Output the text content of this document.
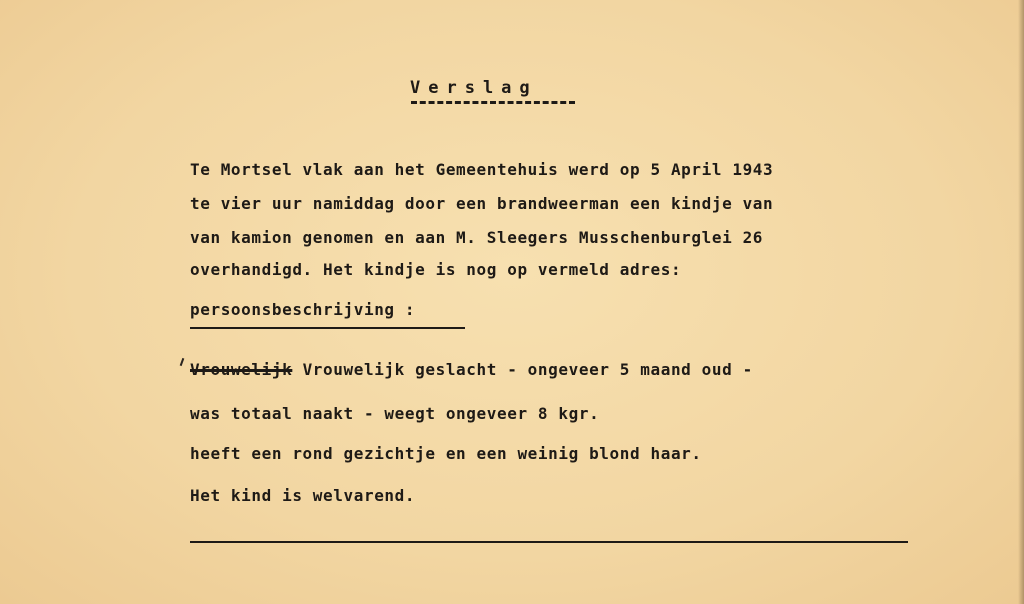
Verslag
Te Mortsel vlak aan het Gemeentehuis werd op 5 April 1943
te vier uur namiddag door een brandweerman een kindje van
van kamion genomen en aan M. Sleegers Musschenburglei 26
overhandigd. Het kindje is nog op vermeld adres:
persoonsbeschrijving :
Vrouwelijk Vrouwelijk geslacht - ongeveer 5 maand oud -
was totaal naakt - weegt ongeveer 8 kgr.
heeft een rond gezichtje en een weinig blond haar.
Het kind is welvarend.
